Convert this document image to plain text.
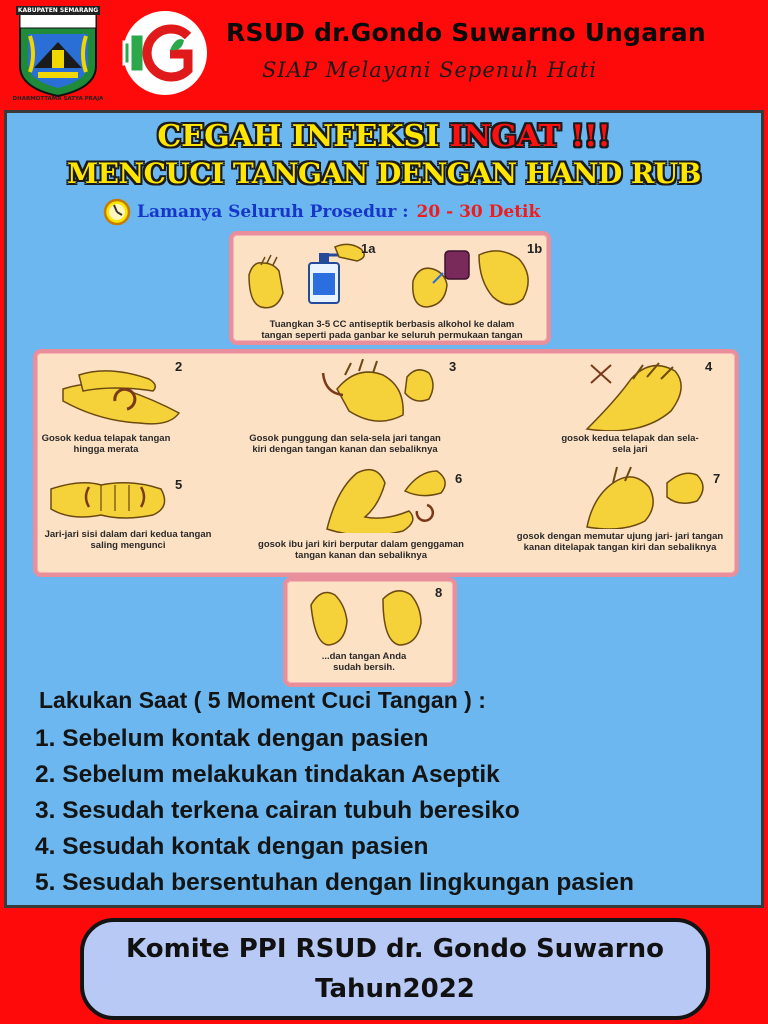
KABUPATEN SEMARANG
DHARMOTTAMA SATYA PRAJA
RSUD dr.Gondo Suwarno Ungaran
SIAP Melayani Sepenuh Hati
CEGAH INFEKSI INGAT !!!
MENCUCI TANGAN DENGAN HAND RUB
Lamanya Seluruh Prosedur : 20 - 30 Detik
1a	1b
Tuangkan 3-5 CC antiseptik berbasis alkohol ke dalam tangan seperti pada ganbar ke seluruh permukaan tangan
2
Gosok kedua telapak tangan hingga merata
3
Gosok punggung dan sela-sela jari tangan kiri dengan tangan kanan dan sebaliknya
4
gosok kedua telapak dan sela-sela jari
5
Jari-jari sisi dalam dari kedua tangan saling mengunci
6
gosok ibu jari kiri berputar dalam genggaman tangan kanan dan sebaliknya
7
gosok dengan memutar ujung jari- jari tangan kanan ditelapak tangan kiri dan sebaliknya
8
...dan tangan Anda sudah bersih.
Lakukan Saat ( 5 Moment Cuci Tangan ) :
1. Sebelum kontak dengan pasien
2. Sebelum melakukan tindakan Aseptik
3. Sesudah terkena cairan tubuh beresiko
4. Sesudah kontak dengan pasien
5. Sesudah bersentuhan dengan lingkungan pasien
Komite PPI RSUD dr. Gondo Suwarno
Tahun2022
